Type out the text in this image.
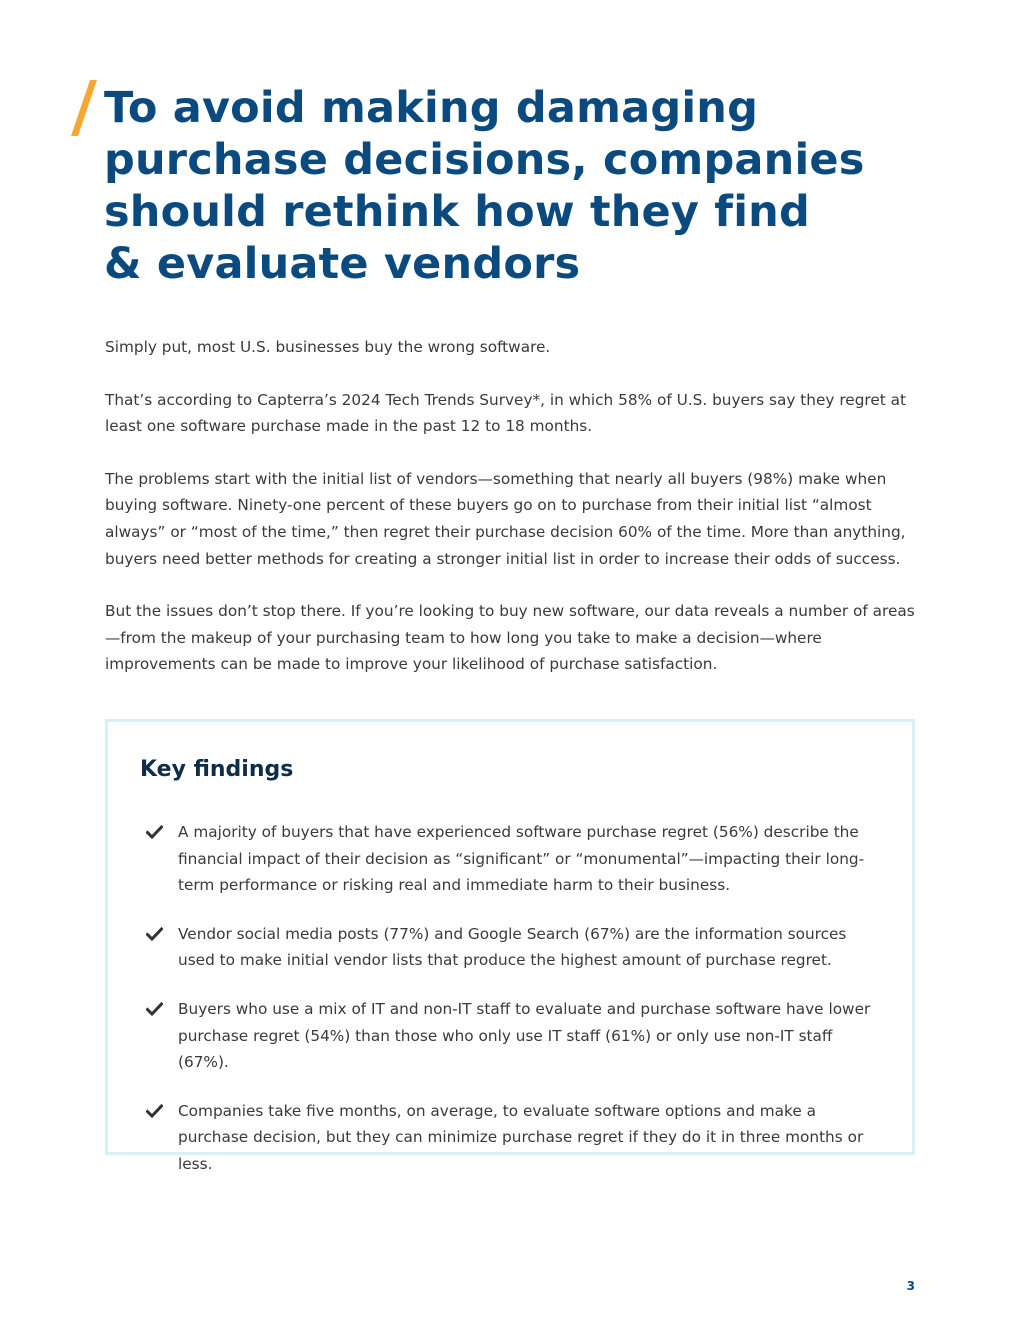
To avoid making damaging
purchase decisions, companies
should rethink how they find
& evaluate vendors

Simply put, most U.S. businesses buy the wrong software.

That’s according to Capterra’s 2024 Tech Trends Survey*, in which 58% of U.S. buyers say they regret at least one software purchase made in the past 12 to 18 months.

The problems start with the initial list of vendors—something that nearly all buyers (98%) make when buying software. Ninety-one percent of these buyers go on to purchase from their initial list “almost always” or “most of the time,” then regret their purchase decision 60% of the time. More than anything, buyers need better methods for creating a stronger initial list in order to increase their odds of success.

But the issues don’t stop there. If you’re looking to buy new software, our data reveals a number of areas—from the makeup of your purchasing team to how long you take to make a decision—where improvements can be made to improve your likelihood of purchase satisfaction.

Key findings
A majority of buyers that have experienced software purchase regret (56%) describe the financial impact of their decision as “significant” or “monumental”—impacting their long-term performance or risking real and immediate harm to their business.
Vendor social media posts (77%) and Google Search (67%) are the information sources used to make initial vendor lists that produce the highest amount of purchase regret.
Buyers who use a mix of IT and non-IT staff to evaluate and purchase software have lower purchase regret (54%) than those who only use IT staff (61%) or only use non-IT staff (67%).
Companies take five months, on average, to evaluate software options and make a purchase decision, but they can minimize purchase regret if they do it in three months or less.
3
